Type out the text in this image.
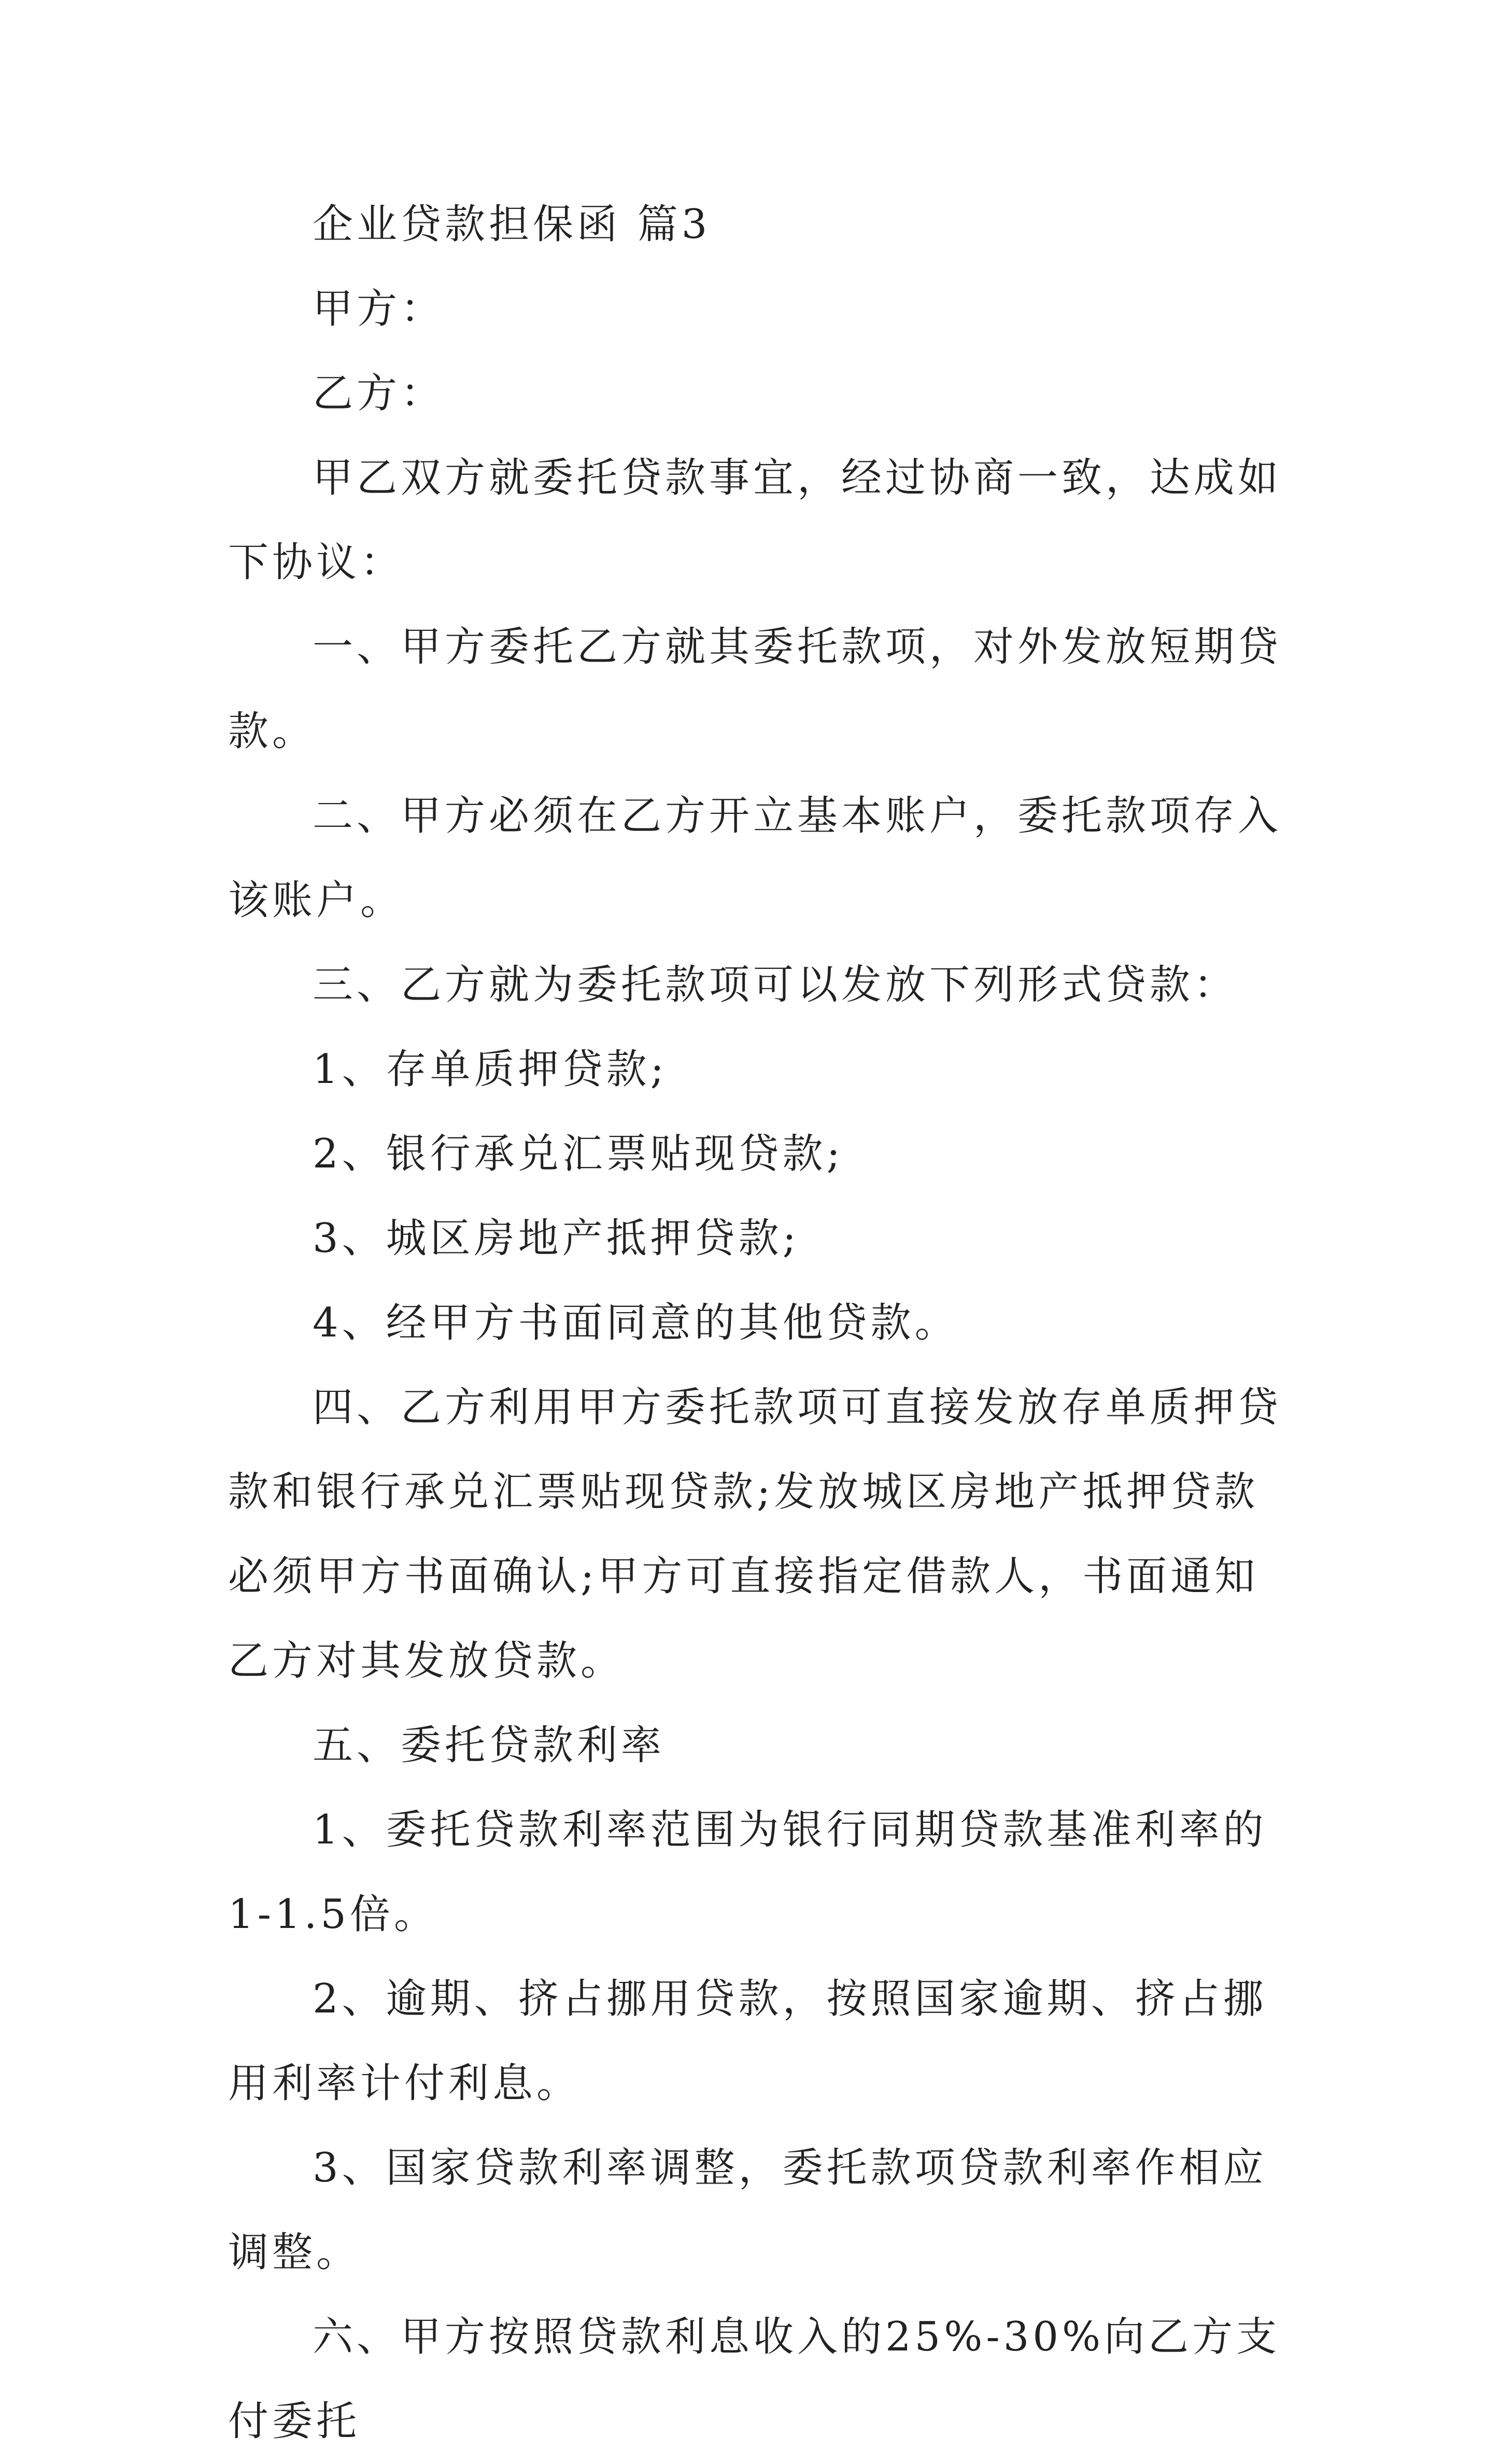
企业贷款担保函 篇3

甲方：

乙方：

甲乙双方就委托贷款事宜，经过协商一致，达成如下协议：

一、甲方委托乙方就其委托款项，对外发放短期贷款。

二、甲方必须在乙方开立基本账户，委托款项存入该账户。

三、乙方就为委托款项可以发放下列形式贷款：

1、存单质押贷款;

2、银行承兑汇票贴现贷款;

3、城区房地产抵押贷款;

4、经甲方书面同意的其他贷款。

四、乙方利用甲方委托款项可直接发放存单质押贷款和银行承兑汇票贴现贷款;发放城区房地产抵押贷款必须甲方书面确认;甲方可直接指定借款人，书面通知乙方对其发放贷款。

五、委托贷款利率

1、委托贷款利率范围为银行同期贷款基准利率的1-1.5倍。

2、逾期、挤占挪用贷款，按照国家逾期、挤占挪用利率计付利息。

3、国家贷款利率调整，委托款项贷款利率作相应调整。

六、甲方按照贷款利息收入的25%-30%向乙方支付委托
